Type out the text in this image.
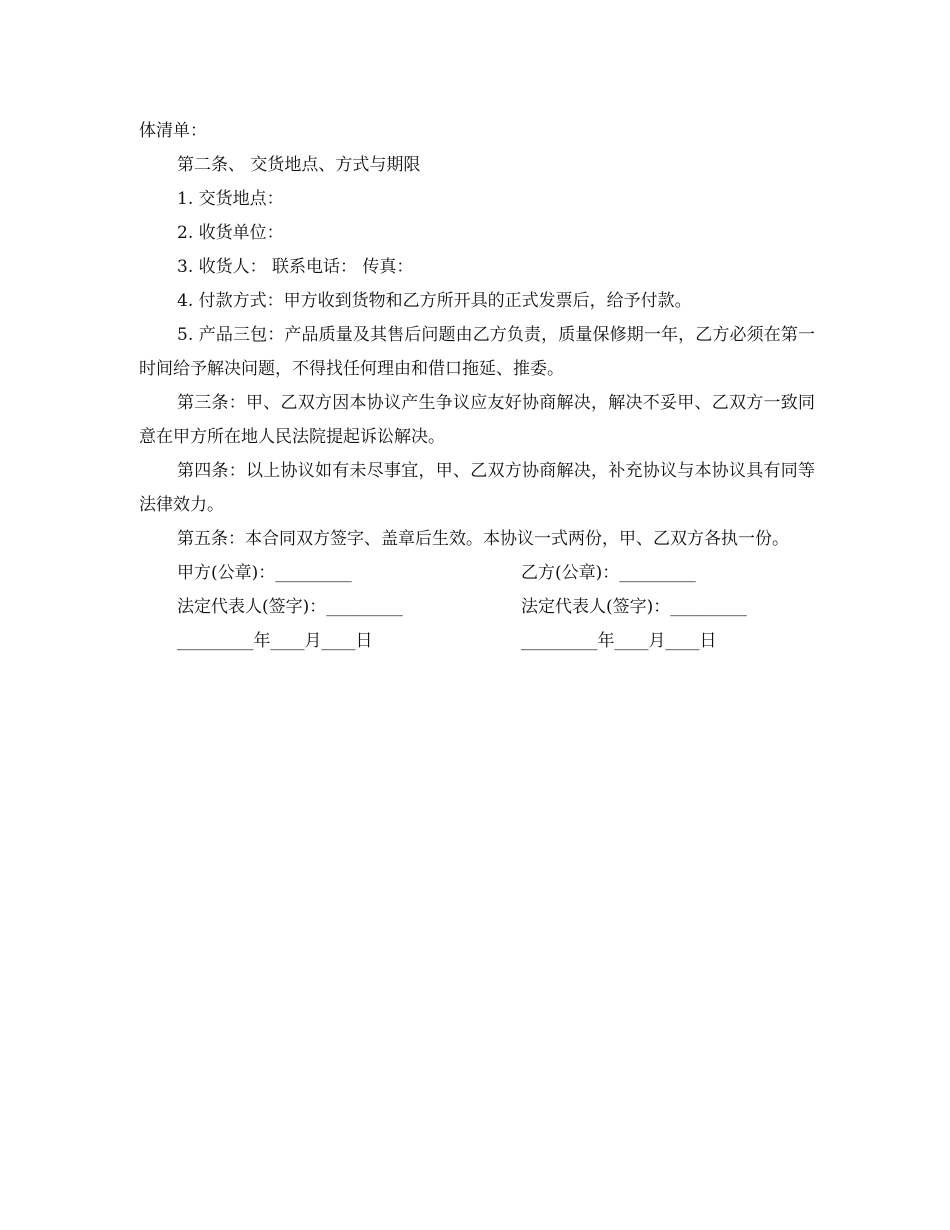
体清单：
第二条、 交货地点、方式与期限
1. 交货地点：
2. 收货单位：
3. 收货人： 联系电话： 传真：
4. 付款方式：甲方收到货物和乙方所开具的正式发票后，给予付款。

5. 产品三包：产品质量及其售后问题由乙方负责，质量保修期一年，乙方必须在第一时间给予解决问题，不得找任何理由和借口拖延、推委。

第三条：甲、乙双方因本协议产生争议应友好协商解决，解决不妥甲、乙双方一致同意在甲方所在地人民法院提起诉讼解决。

第四条：以上协议如有未尽事宜，甲、乙双方协商解决，补充协议与本协议具有同等法律效力。

第五条：本合同双方签字、盖章后生效。本协议一式两份，甲、乙双方各执一份。

甲方(公章)：_________	乙方(公章)：_________
法定代表人(签字)：_________	法定代表人(签字)：_________
_________年____月____日	_________年____月____日
